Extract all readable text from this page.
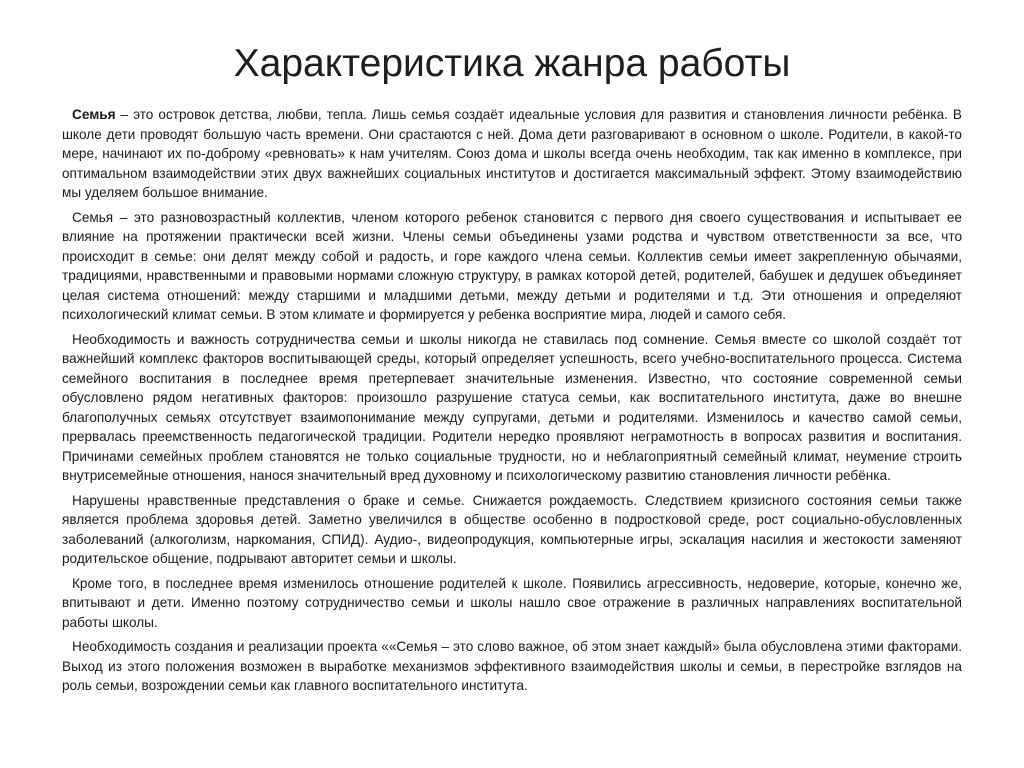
Характеристика жанра работы

Семья – это островок детства, любви, тепла. Лишь семья создаёт идеальные условия для развития и становления личности ребёнка. В школе дети проводят большую часть времени. Они срастаются с ней. Дома дети разговаривают в основном о школе. Родители, в какой-то мере, начинают их по-доброму «ревновать» к нам учителям. Союз дома и школы всегда очень необходим, так как именно в комплексе, при оптимальном взаимодействии этих двух важнейших социальных институтов и достигается максимальный эффект. Этому взаимодействию мы уделяем большое внимание.

Семья – это разновозрастный коллектив, членом которого ребенок становится с первого дня своего существования и испытывает ее влияние на протяжении практически всей жизни. Члены семьи объединены узами родства и чувством ответственности за все, что происходит в семье: они делят между собой и радость, и горе каждого члена семьи. Коллектив семьи имеет закрепленную обычаями, традициями, нравственными и правовыми нормами сложную структуру, в рамках которой детей, родителей, бабушек и дедушек объединяет целая система отношений: между старшими и младшими детьми, между детьми и родителями и т.д. Эти отношения и определяют психологический климат семьи. В этом климате и формируется у ребенка восприятие мира, людей и самого себя.

Необходимость и важность сотрудничества семьи и школы никогда не ставилась под сомнение. Семья вместе со школой создаёт тот важнейший комплекс факторов воспитывающей среды, который определяет успешность, всего учебно-воспитательного процесса. Система семейного воспитания в последнее время претерпевает значительные изменения. Известно, что состояние современной семьи обусловлено рядом негативных факторов: произошло разрушение статуса семьи, как воспитательного института, даже во внешне благополучных семьях отсутствует взаимопонимание между супругами, детьми и родителями. Изменилось и качество самой семьи, прервалась преемственность педагогической традиции. Родители нередко проявляют неграмотность в вопросах развития и воспитания. Причинами семейных проблем становятся не только социальные трудности, но и неблагоприятный семейный климат, неумение строить внутрисемейные отношения, нанося значительный вред духовному и психологическому развитию становления личности ребёнка.

Нарушены нравственные представления о браке и семье. Снижается рождаемость. Следствием кризисного состояния семьи также является проблема здоровья детей. Заметно увеличился в обществе особенно в подростковой среде, рост социально-обусловленных заболеваний (алкоголизм, наркомания, СПИД). Аудио-, видеопродукция, компьютерные игры, эскалация насилия и жестокости заменяют родительское общение, подрывают авторитет семьи и школы.

Кроме того, в последнее время изменилось отношение родителей к школе. Появились агрессивность, недоверие, которые, конечно же, впитывают и дети. Именно поэтому сотрудничество семьи и школы нашло свое отражение в различных направлениях воспитательной работы школы.

Необходимость создания и реализации проекта ««Семья – это слово важное, об этом знает каждый» была обусловлена этими факторами. Выход из этого положения возможен в выработке механизмов эффективного взаимодействия школы и семьи, в перестройке взглядов на роль семьи, возрождении семьи как главного воспитательного института.
